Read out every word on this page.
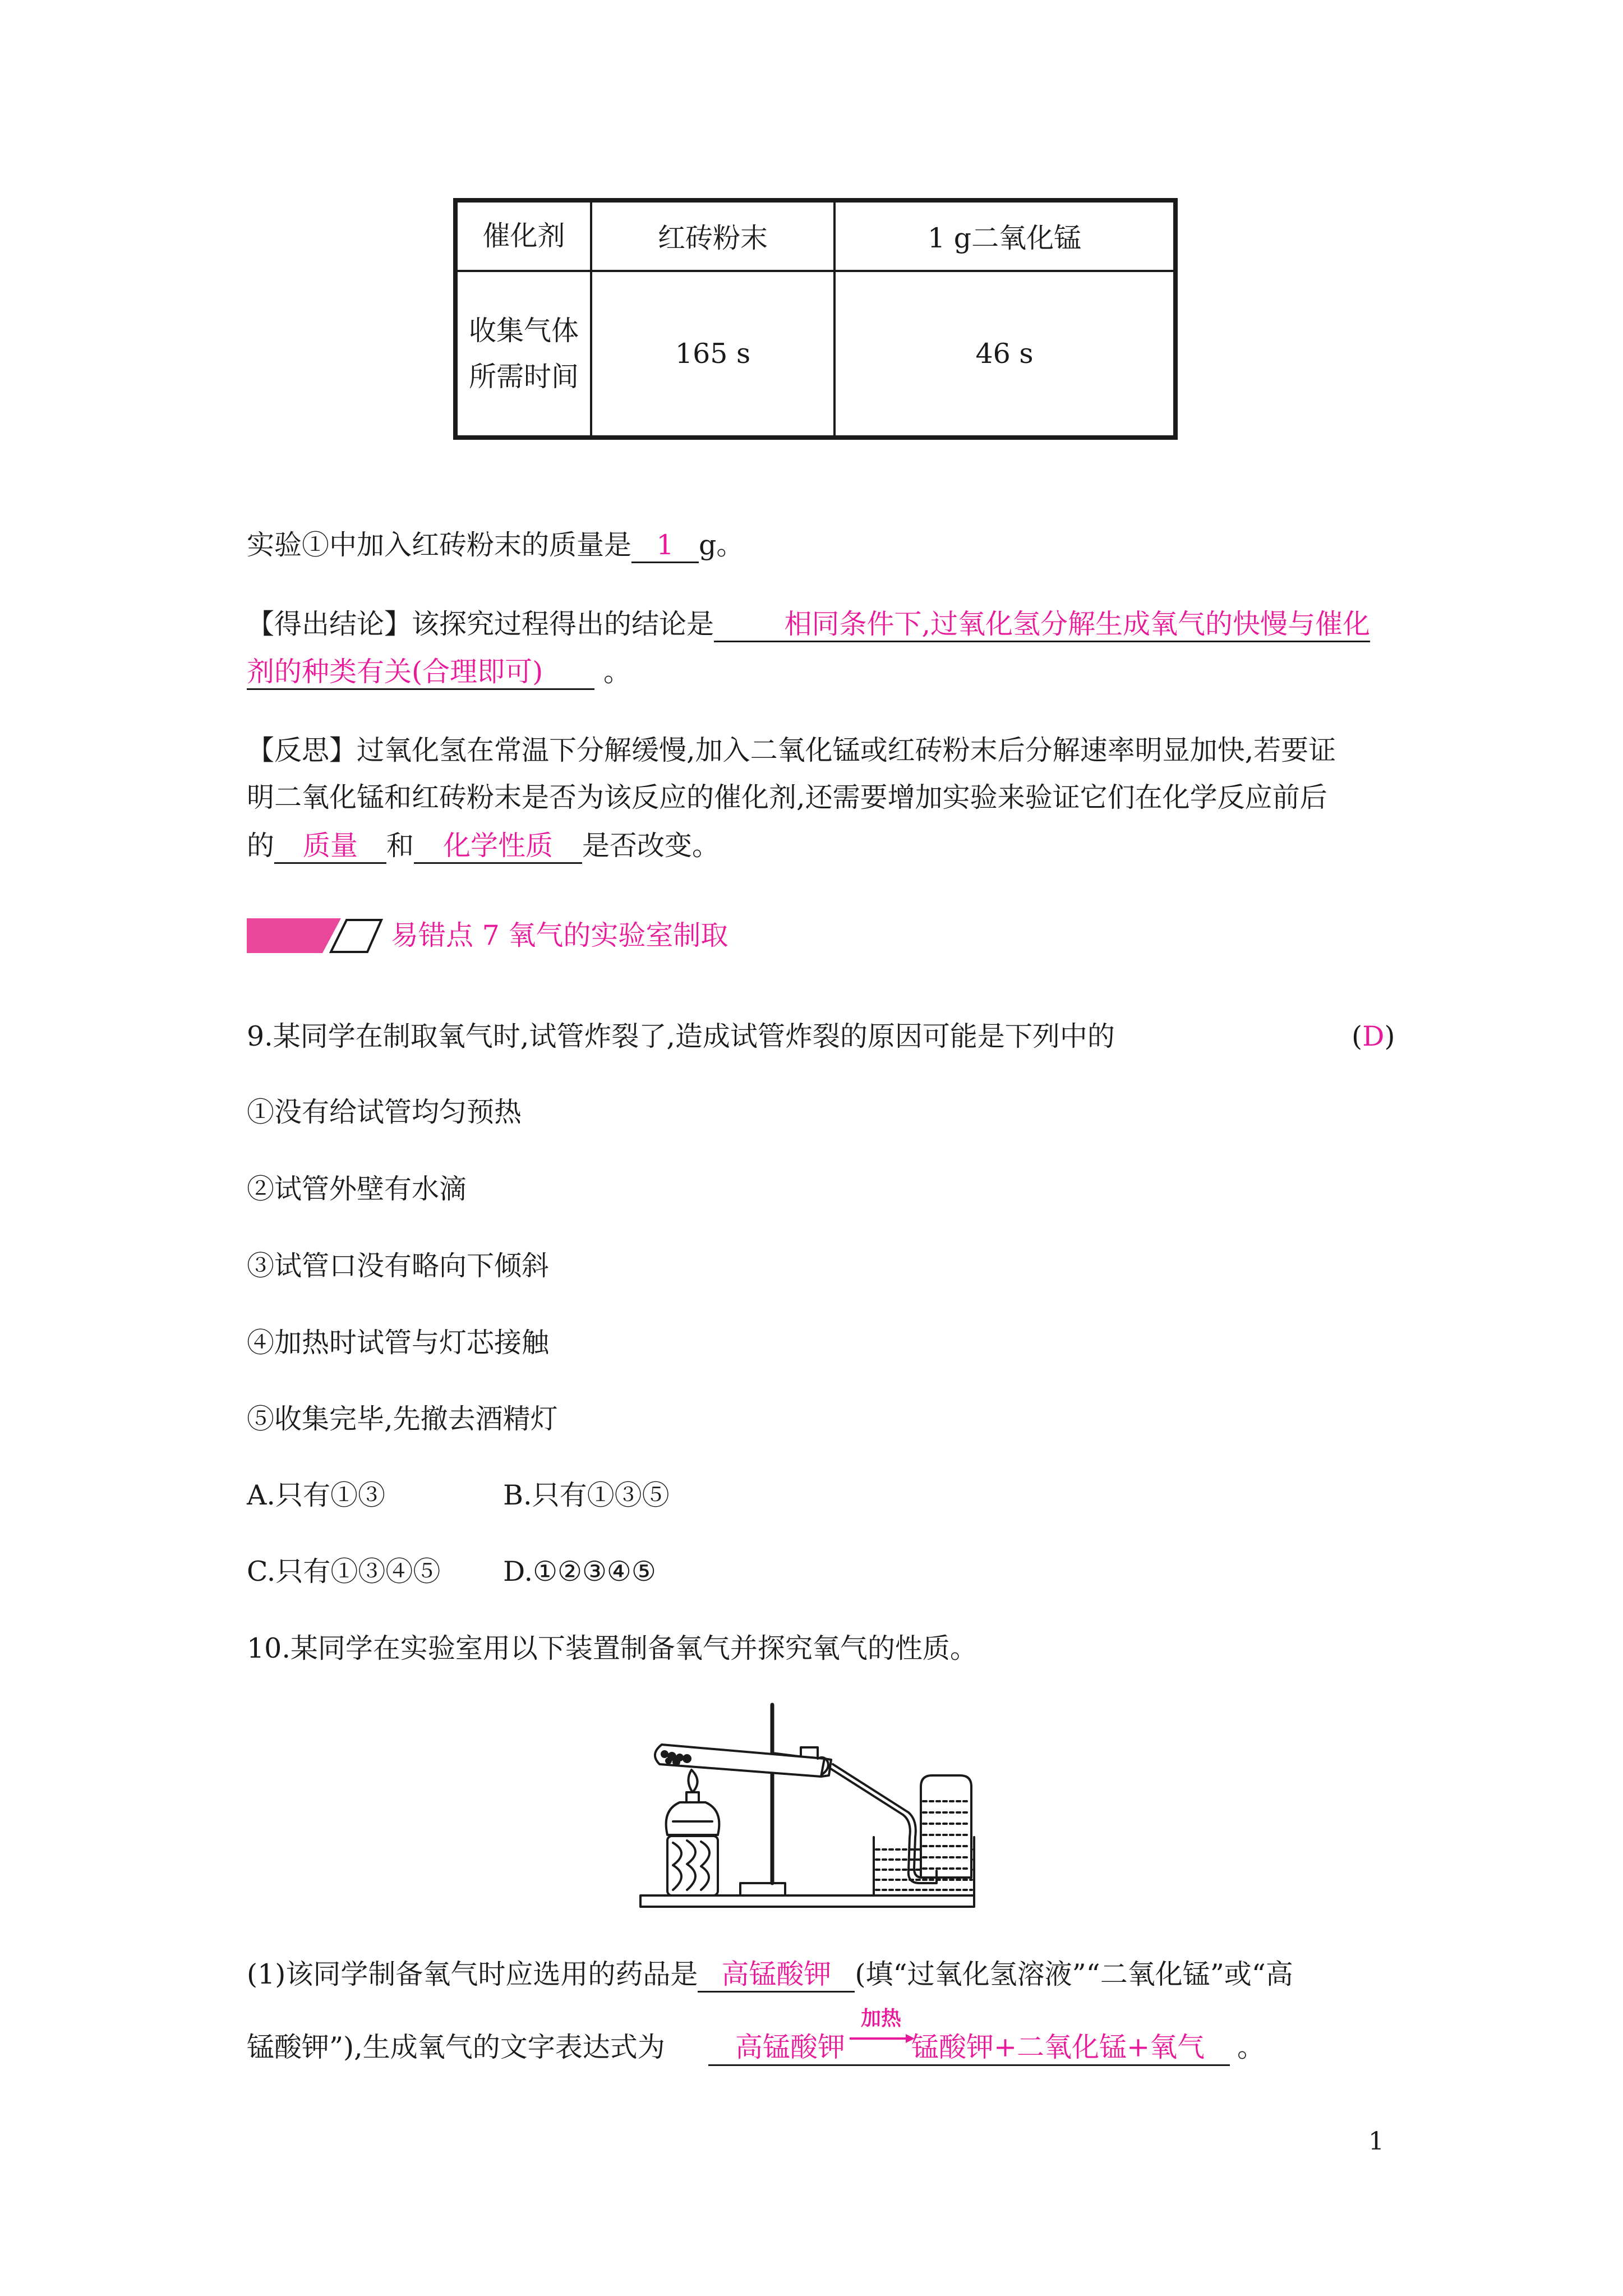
催化剂	红砖粉末	1 g二氧化锰

收集气体
所需时间	165 s	46 s
实验①中加入红砖粉末的质量是 1 g。
【得出结论】该探究过程得出的结论是	相同条件下,过氧化氢分解生成氧气的快慢与催化
剂的种类有关(合理即可) 。
【反思】过氧化氢在常温下分解缓慢,加入二氧化锰或红砖粉末后分解速率明显加快,若要证
明二氧化锰和红砖粉末是否为该反应的催化剂,还需要增加实验来验证它们在化学反应前后
的 质量 和 化学性质 是否改变。
易错点 7 氧气的实验室制取
9.某同学在制取氧气时,试管炸裂了,造成试管炸裂的原因可能是下列中的	(D)
①没有给试管均匀预热
②试管外壁有水滴
③试管口没有略向下倾斜
④加热时试管与灯芯接触
⑤收集完毕,先撤去酒精灯
A.只有①③	B.只有①③⑤
C.只有①③④⑤ D.①②③④⑤
10.某同学在实验室用以下装置制备氧气并探究氧气的性质。
(1)该同学制备氧气时应选用的药品是 高锰酸钾 (填“过氧化氢溶液”“二氧化锰”或“高
锰酸钾”),生成氧气的文字表达式为	高锰酸钾
加热
锰酸钾+二氧化锰+氧气 。
1
